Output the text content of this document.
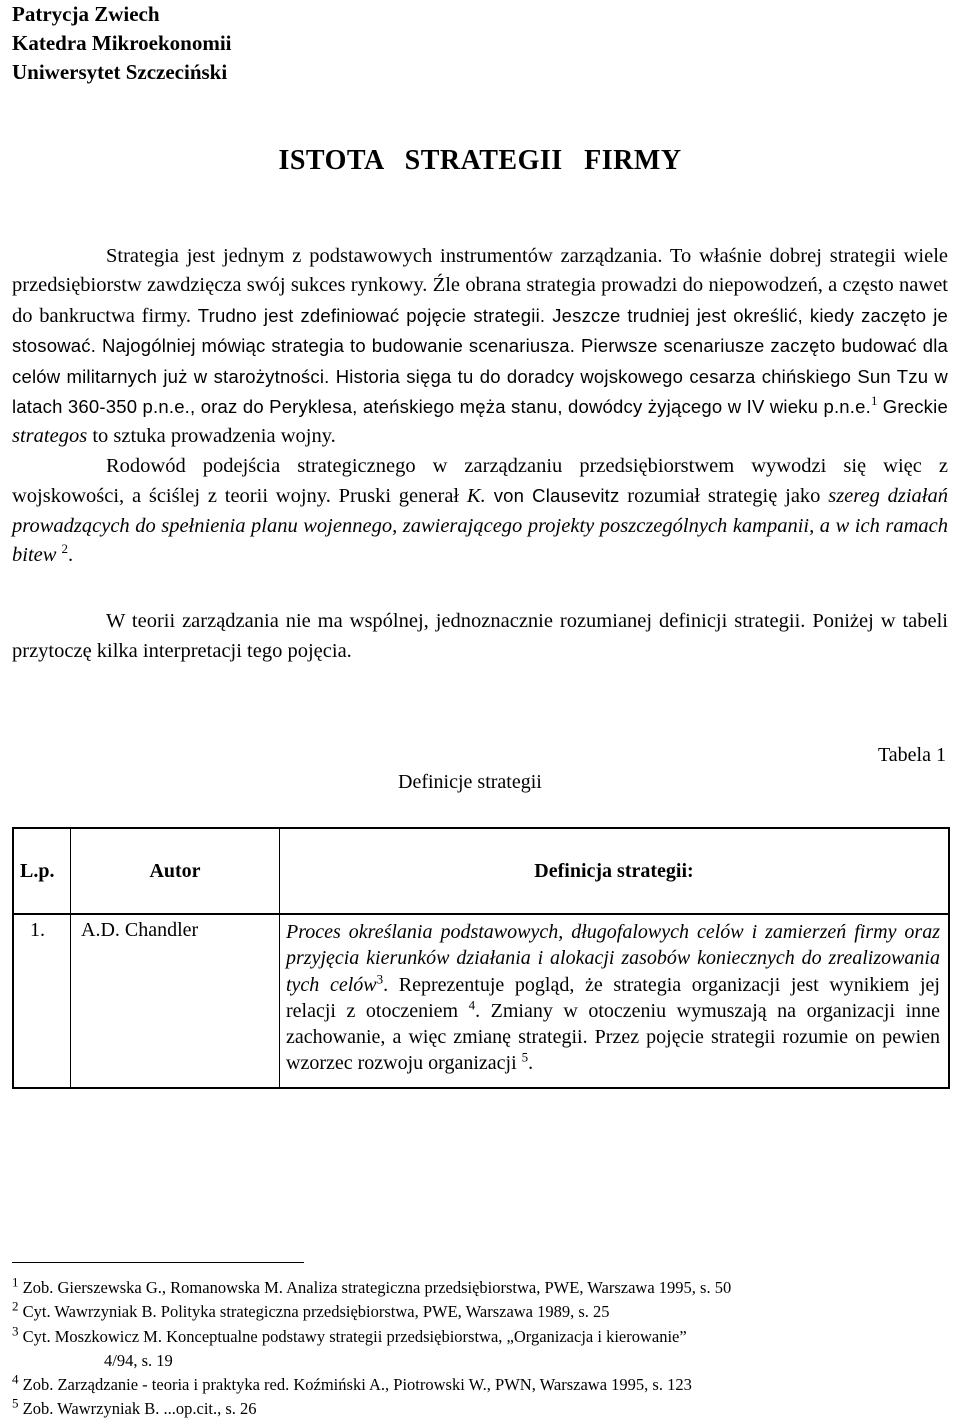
Patrycja Zwiech
Katedra Mikroekonomii
Uniwersytet Szczeciński
ISTOTA STRATEGII FIRMY

Strategia jest jednym z podstawowych instrumentów zarządzania. To właśnie dobrej strategii wiele przedsiębiorstw zawdzięcza swój sukces rynkowy. Źle obrana strategia prowadzi do niepowodzeń, a często nawet do bankructwa firmy. Trudno jest zdefiniować pojęcie strategii. Jeszcze trudniej jest określić, kiedy zaczęto je stosować. Najogólniej mówiąc strategia to budowanie scenariusza. Pierwsze scenariusze zaczęto budować dla celów militarnych już w starożytności. Historia sięga tu do doradcy wojskowego cesarza chińskiego Sun Tzu w latach 360-350 p.n.e., oraz do Peryklesa, ateńskiego męża stanu, dowódcy żyjącego w IV wieku p.n.e.$^1$ Greckie
strategos to sztuka prowadzenia wojny.

Rodowód podejścia strategicznego w zarządzaniu przedsiębiorstwem wywodzi się więc z wojskowości, a ściślej z teorii wojny. Pruski generał K. von Clausevitz rozumiał strategię jako szereg działań prowadzących do spełnienia planu wojennego, zawierającego projekty poszczególnych kampanii, a w ich ramach bitew $^2$.

W teorii zarządzania nie ma wspólnej, jednoznacznie rozumianej definicji strategii. Poniżej w tabeli przytoczę kilka interpretacji tego pojęcia.

Tabela 1
Definicje strategii
L.p.	Autor	Definicja strategii:
1.	A.D. Chandler	Proces określania podstawowych, długofalowych celów i zamierzeń firmy oraz przyjęcia kierunków działania i alokacji zasobów koniecznych do zrealizowania tych celów$^3$. Reprezentuje pogląd, że strategia organizacji jest wynikiem jej relacji z otoczeniem $^4$. Zmiany w otoczeniu wymuszają na organizacji inne zachowanie, a więc zmianę strategii. Przez pojęcie strategii rozumie on pewien wzorzec rozwoju organizacji $^5$.
$^1$ Zob. Gierszewska G., Romanowska M. Analiza strategiczna przedsiębiorstwa, PWE, Warszawa 1995, s. 50
$^2$ Cyt. Wawrzyniak B. Polityka strategiczna przedsiębiorstwa, PWE, Warszawa 1989, s. 25
$^3$ Cyt. Moszkowicz M. Konceptualne podstawy strategii przedsiębiorstwa, „Organizacja i kierowanie”
4/94, s. 19
$^4$ Zob. Zarządzanie - teoria i praktyka red. Koźmiński A., Piotrowski W., PWN, Warszawa 1995, s. 123
$^5$ Zob. Wawrzyniak B. ...op.cit., s. 26
